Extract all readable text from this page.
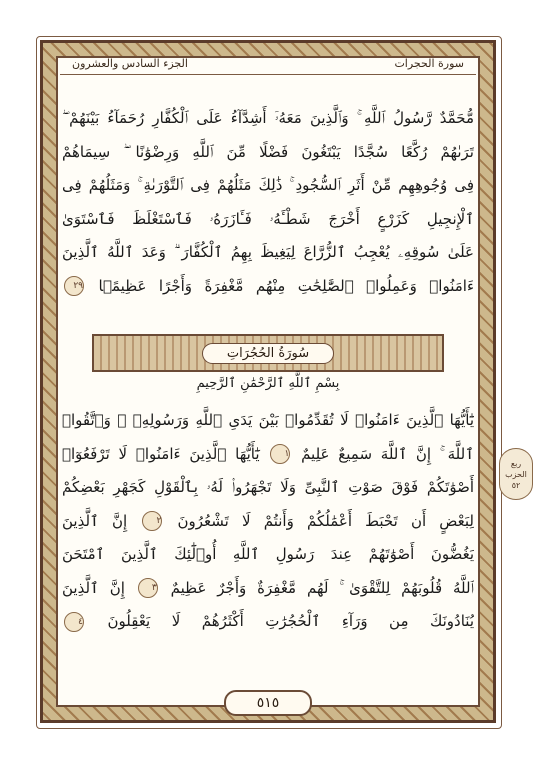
سورة الحجرات
الجزء السادس والعشرون
مُّحَمَّدٌ رَّسُولُ ٱللَّهِ ۚ وَٱلَّذِينَ مَعَهُۥٓ أَشِدَّآءُ عَلَى ٱلْكُفَّارِ رُحَمَآءُ بَيْنَهُمْ ۖ
تَرَىٰهُمْ رُكَّعًا سُجَّدًا يَبْتَغُونَ فَضْلًا مِّنَ ٱللَّهِ وَرِضْوَٰنًا ۖ سِيمَاهُمْ
فِى وُجُوهِهِم مِّنْ أَثَرِ ٱلسُّجُودِ ۚ ذَٰلِكَ مَثَلُهُمْ فِى ٱلتَّوْرَىٰةِ ۚ وَمَثَلُهُمْ فِى
ٱلْإِنجِيلِ كَزَرْعٍ أَخْرَجَ شَطْـَٔهُۥ فَـَٔازَرَهُۥ فَٱسْتَغْلَظَ فَٱسْتَوَىٰ
عَلَىٰ سُوقِهِۦ يُعْجِبُ ٱلزُّرَّاعَ لِيَغِيظَ بِهِمُ ٱلْكُفَّارَ ۗ وَعَدَ ٱللَّهُ ٱلَّذِينَ
ءَامَنُوا۟ وَعَمِلُوا۟ ٱلصَّٰلِحَٰتِ مِنْهُم مَّغْفِرَةً وَأَجْرًا عَظِيمًۢا ٢٩
سُورَةُ الحُجُرَاتِ
بِسْمِ ٱللَّهِ ٱلرَّحْمَٰنِ ٱلرَّحِيمِ
يَٰٓأَيُّهَا ٱلَّذِينَ ءَامَنُوا۟ لَا تُقَدِّمُوا۟ بَيْنَ يَدَىِ ٱللَّهِ وَرَسُولِهِۦ ۖ وَٱتَّقُوا۟
ٱللَّهَ ۚ إِنَّ ٱللَّهَ سَمِيعٌ عَلِيمٌ ١ يَٰٓأَيُّهَا ٱلَّذِينَ ءَامَنُوا۟ لَا تَرْفَعُوٓا۟
أَصْوَٰتَكُمْ فَوْقَ صَوْتِ ٱلنَّبِىِّ وَلَا تَجْهَرُوا۟ لَهُۥ بِٱلْقَوْلِ كَجَهْرِ بَعْضِكُمْ
لِبَعْضٍ أَن تَحْبَطَ أَعْمَٰلُكُمْ وَأَنتُمْ لَا تَشْعُرُونَ ٢ إِنَّ ٱلَّذِينَ
يَغُضُّونَ أَصْوَٰتَهُمْ عِندَ رَسُولِ ٱللَّهِ أُو۟لَٰٓئِكَ ٱلَّذِينَ ٱمْتَحَنَ
ٱللَّهُ قُلُوبَهُمْ لِلتَّقْوَىٰ ۚ لَهُم مَّغْفِرَةٌ وَأَجْرٌ عَظِيمٌ ٣ إِنَّ ٱلَّذِينَ
يُنَادُونَكَ مِن وَرَآءِ ٱلْحُجُرَٰتِ أَكْثَرُهُمْ لَا يَعْقِلُونَ ٤
ربع
الحزب
٥٢
٥١٥
